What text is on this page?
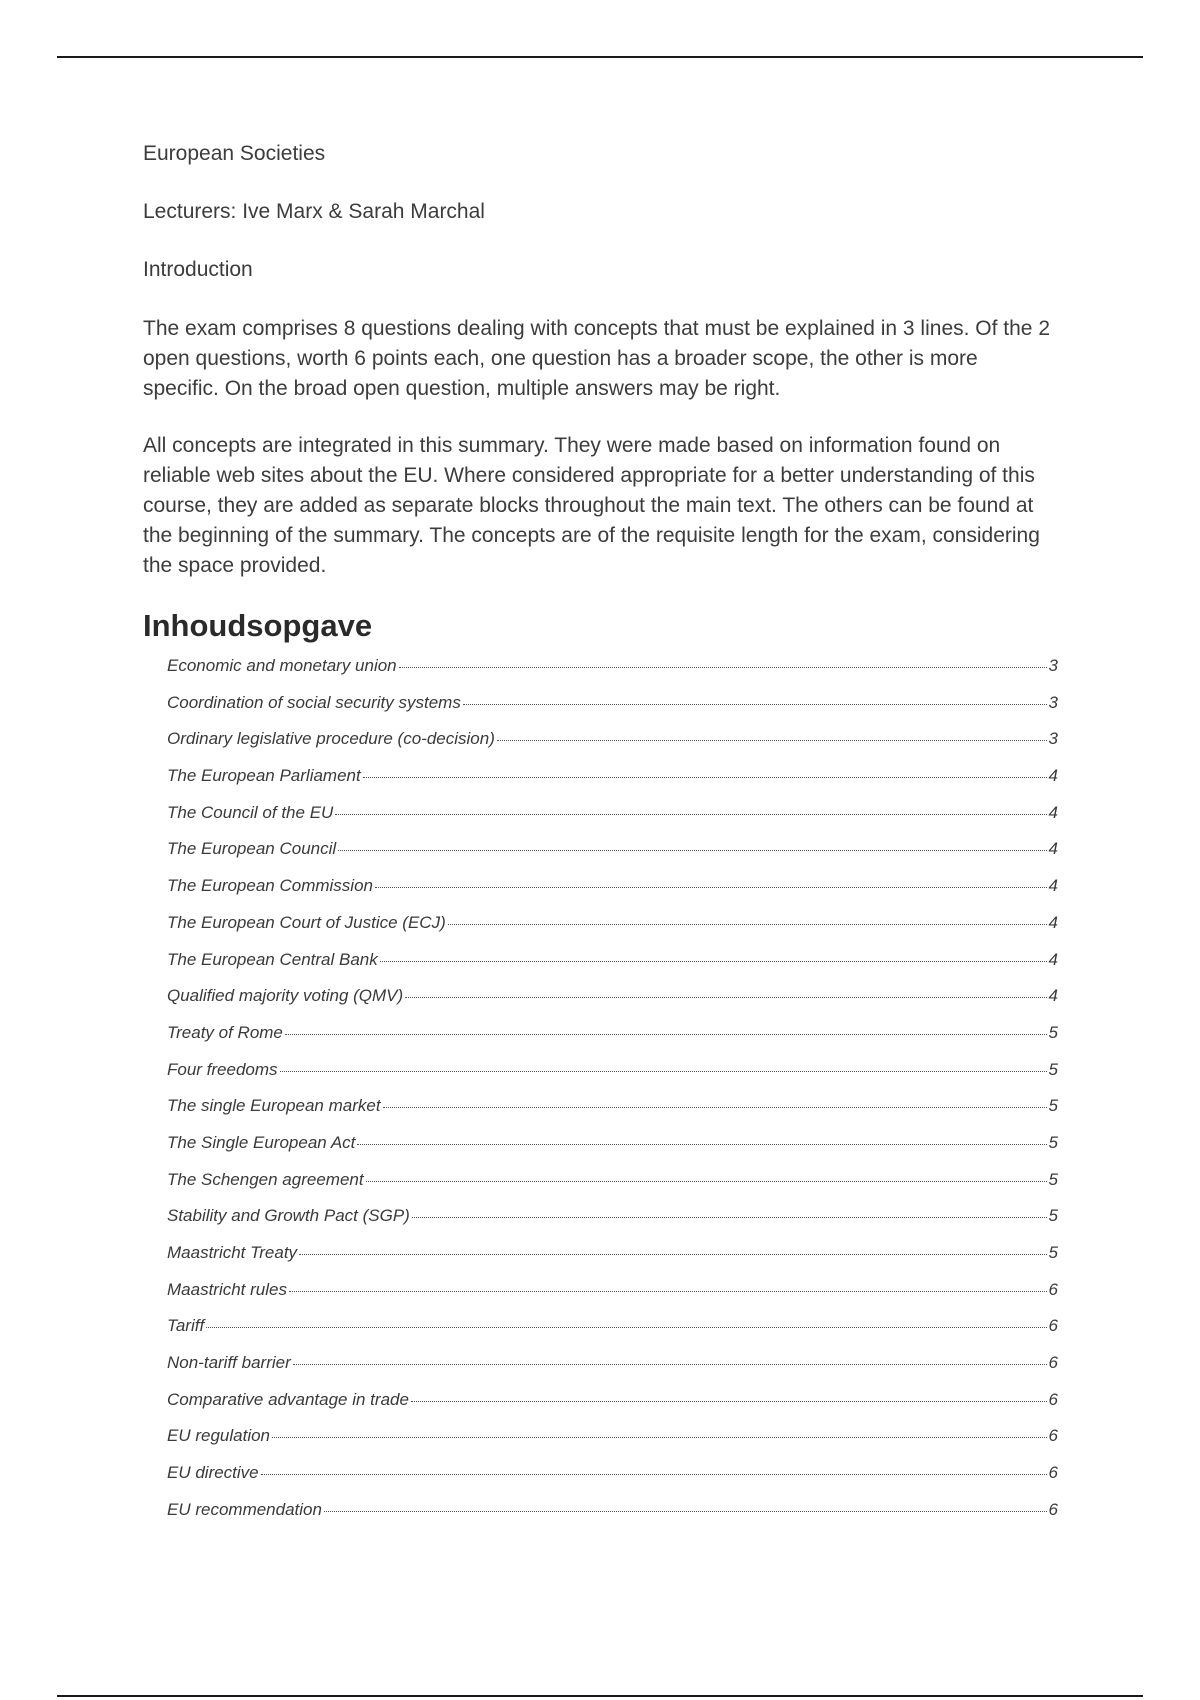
European Societies

Lecturers: Ive Marx & Sarah Marchal

Introduction

The exam comprises 8 questions dealing with concepts that must be explained in 3 lines. Of the 2 open questions, worth 6 points each, one question has a broader scope, the other is more specific. On the broad open question, multiple answers may be right.

All concepts are integrated in this summary. They were made based on information found on reliable web sites about the EU. Where considered appropriate for a better understanding of this course, they are added as separate blocks throughout the main text. The others can be found at the beginning of the summary. The concepts are of the requisite length for the exam, considering the space provided.

Inhoudsopgave
Economic and monetary union	3
Coordination of social security systems	3
Ordinary legislative procedure (co-decision)	3
The European Parliament	4
The Council of the EU	4
The European Council	4
The European Commission	4
The European Court of Justice (ECJ)	4
The European Central Bank	4
Qualified majority voting (QMV)	4
Treaty of Rome	5
Four freedoms	5
The single European market	5
The Single European Act	5
The Schengen agreement	5
Stability and Growth Pact (SGP)	5
Maastricht Treaty	5
Maastricht rules	6
Tariff	6
Non-tariff barrier	6
Comparative advantage in trade	6
EU regulation	6
EU directive	6
EU recommendation	6
